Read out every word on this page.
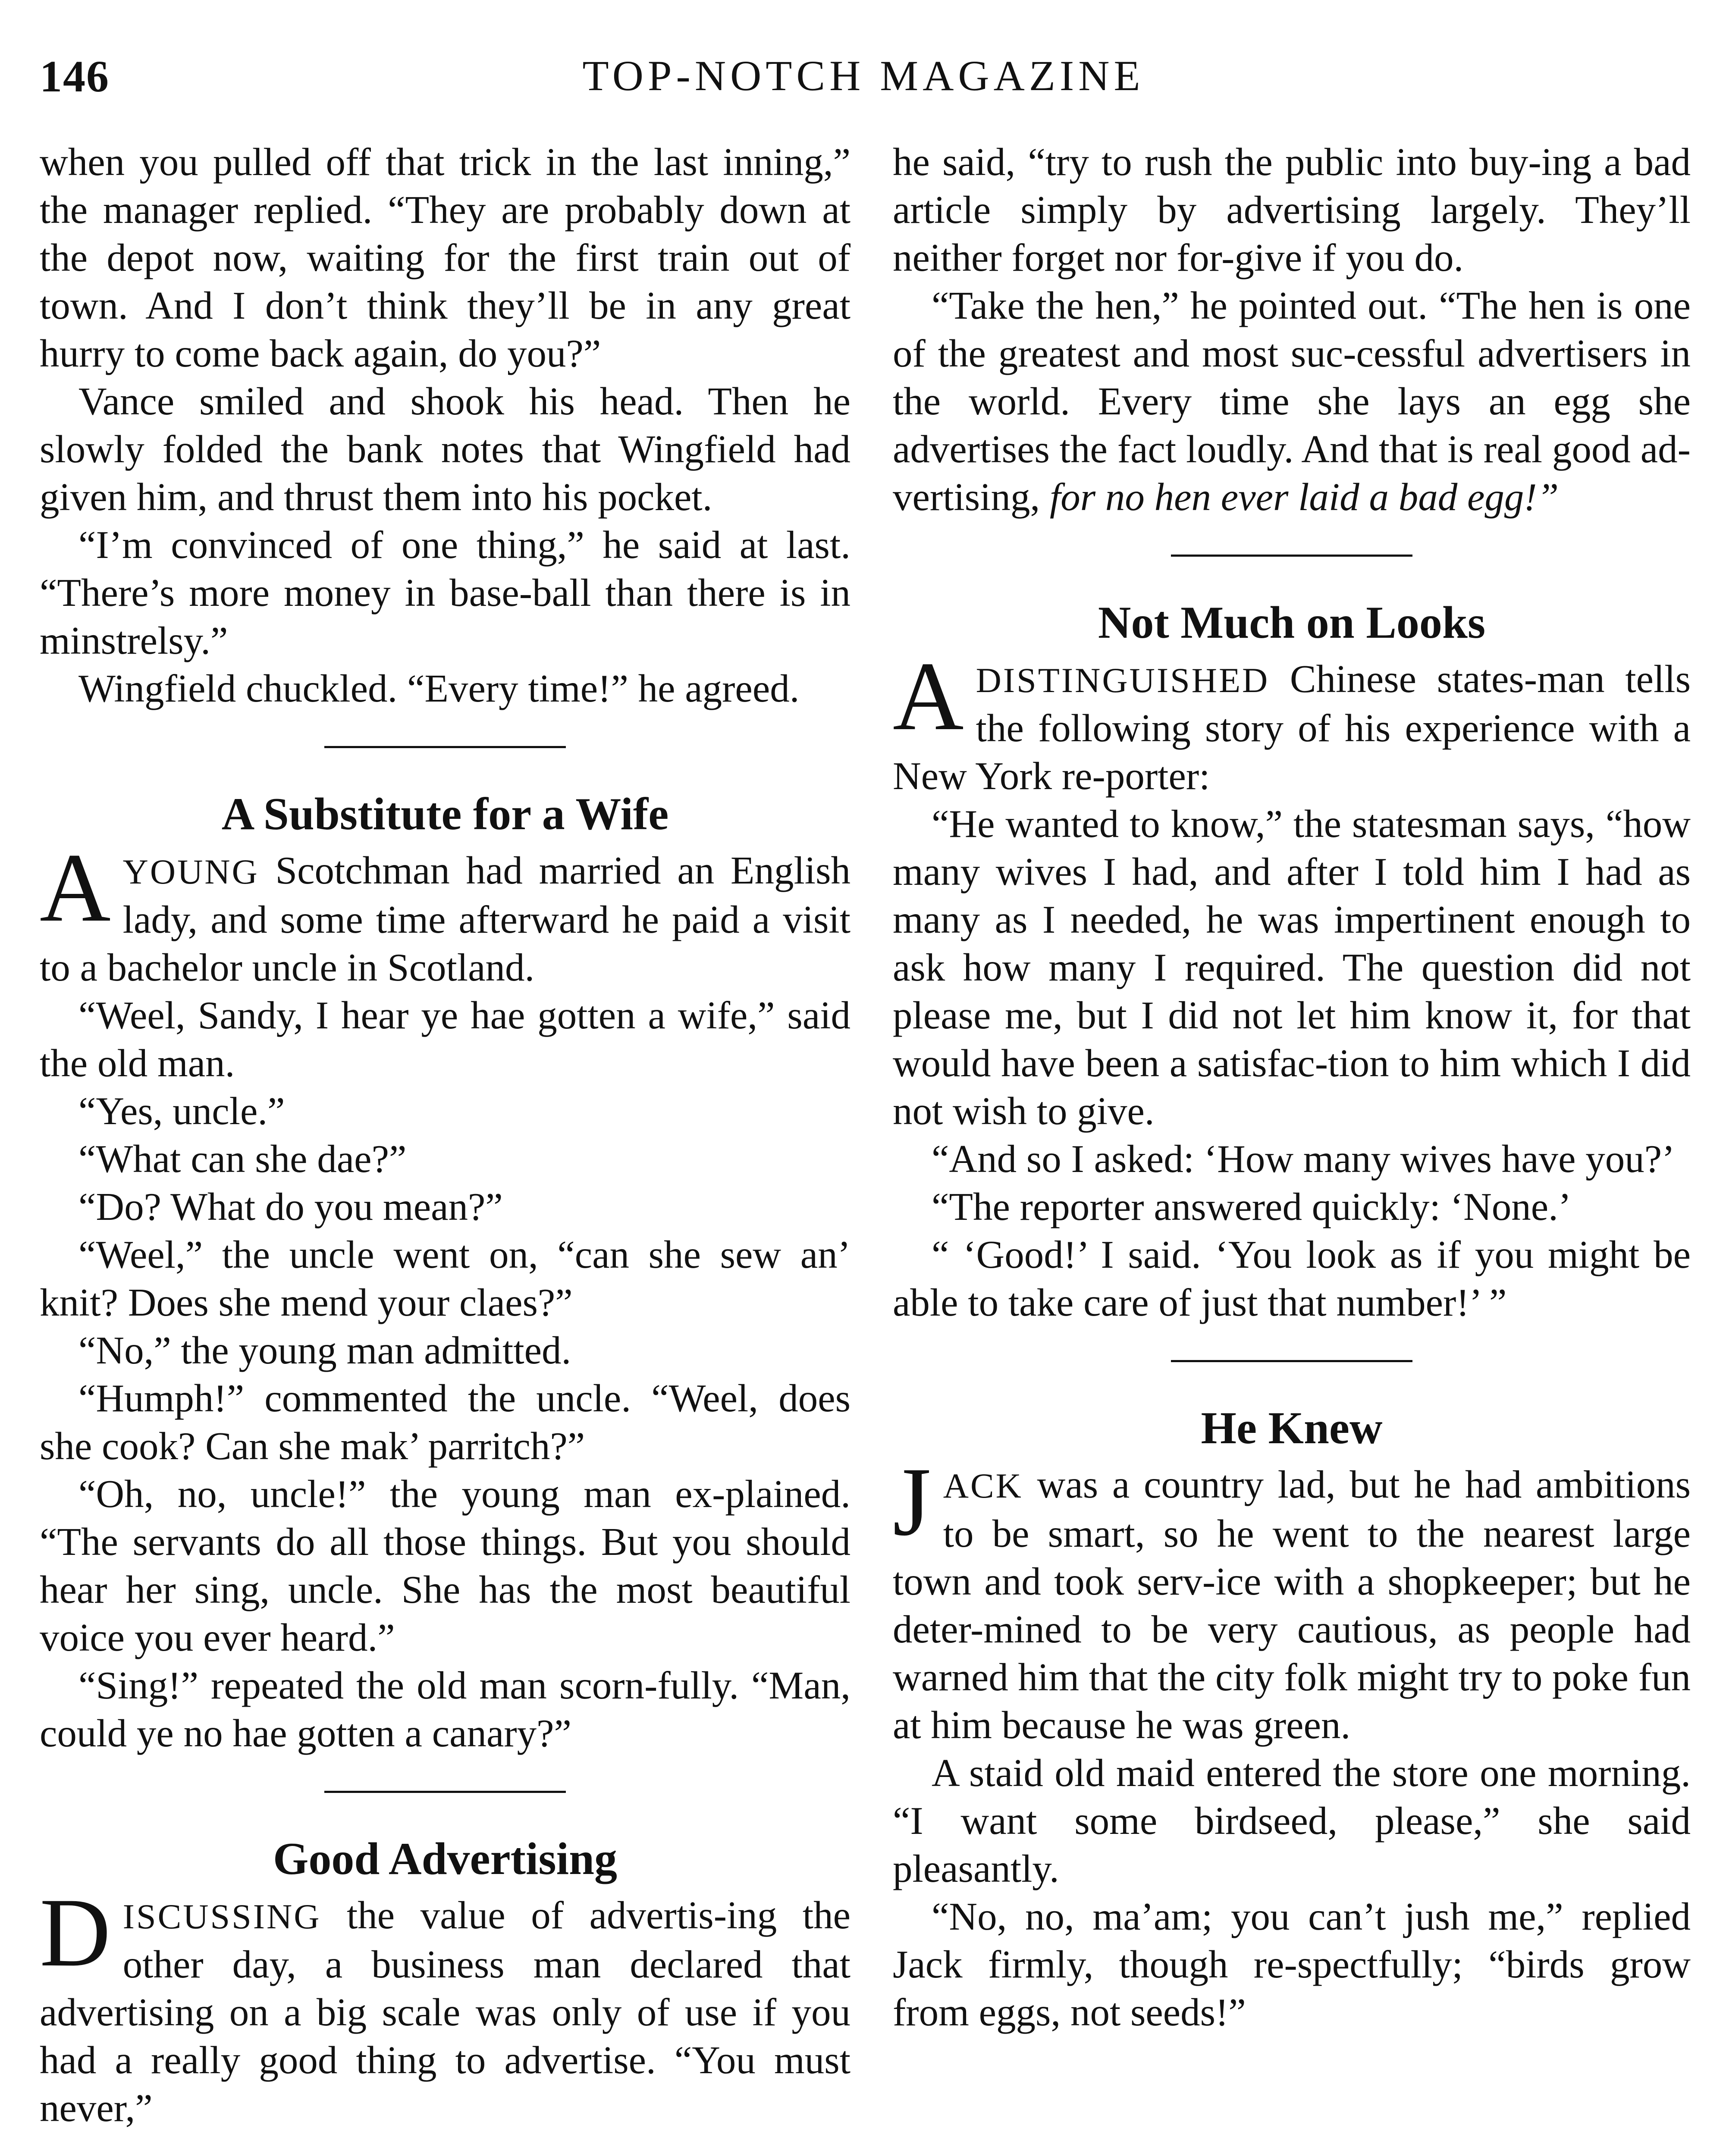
146	TOP-NOTCH MAGAZINE

when you pulled off that trick in the last inning,” the manager replied. “They are probably down at the depot now, waiting for the first train out of town. And I don’t think they’ll be in any great hurry to come back again, do you?”

Vance smiled and shook his head. Then he slowly folded the bank notes that Wingfield had given him, and thrust them into his pocket.

“I’m convinced of one thing,” he said at last. “There’s more money in base-ball than there is in minstrelsy.”

Wingfield chuckled. “Every time!” he agreed.

A Substitute for a Wife

AYOUNG Scotchman had married an English lady, and some time afterward he paid a visit to a bachelor uncle in Scotland.

“Weel, Sandy, I hear ye hae gotten a wife,” said the old man.

“Yes, uncle.”

“What can she dae?”

“Do? What do you mean?”

“Weel,” the uncle went on, “can she sew an’ knit? Does she mend your claes?”

“No,” the young man admitted.

“Humph!” commented the uncle. “Weel, does she cook? Can she mak’ parritch?”

“Oh, no, uncle!” the young man ex-plained. “The servants do all those things. But you should hear her sing, uncle. She has the most beautiful voice you ever heard.”

“Sing!” repeated the old man scorn-fully. “Man, could ye no hae gotten a canary?”

Good Advertising

DISCUSSING the value of advertis-ing the other day, a business man declared that advertising on a big scale was only of use if you had a really good thing to advertise. “You must never,”

he said, “try to rush the public into buy-ing a bad article simply by advertising largely. They’ll neither forget nor for-give if you do.

“Take the hen,” he pointed out. “The hen is one of the greatest and most suc-cessful advertisers in the world. Every time she lays an egg she advertises the fact loudly. And that is real good ad-vertising, for no hen ever laid a bad egg!”

Not Much on Looks

ADISTINGUISHED Chinese states-man tells the following story of his experience with a New York re-porter:

“He wanted to know,” the statesman says, “how many wives I had, and after I told him I had as many as I needed, he was impertinent enough to ask how many I required. The question did not please me, but I did not let him know it, for that would have been a satisfac-tion to him which I did not wish to give.

“And so I asked: ‘How many wives have you?’

“The reporter answered quickly: ‘None.’

“ ‘Good!’ I said. ‘You look as if you might be able to take care of just that number!’ ”

He Knew

JACK was a country lad, but he had ambitions to be smart, so he went to the nearest large town and took serv-ice with a shopkeeper; but he deter-mined to be very cautious, as people had warned him that the city folk might try to poke fun at him because he was green.

A staid old maid entered the store one morning. “I want some birdseed, please,” she said pleasantly.

“No, no, ma’am; you can’t jush me,” replied Jack firmly, though re-spectfully; “birds grow from eggs, not seeds!”
